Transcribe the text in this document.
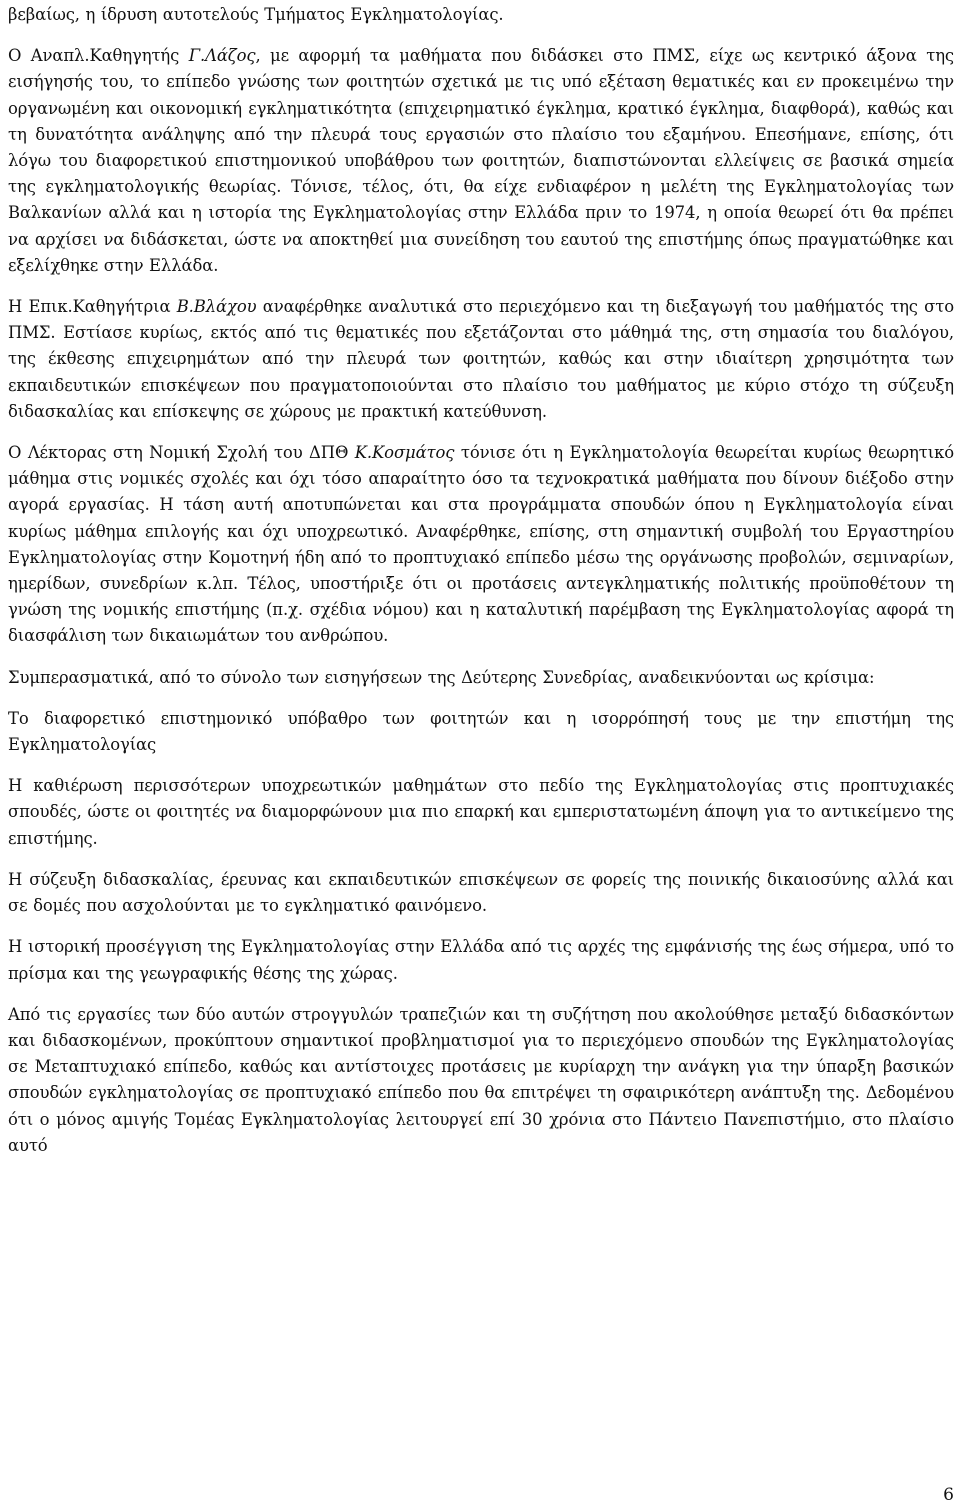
βεβαίως, η ίδρυση αυτοτελούς Τμήματος Εγκληματολογίας.

Ο Αναπλ.Καθηγητής Γ.Λάζος, με αφορμή τα μαθήματα που διδάσκει στο ΠΜΣ, είχε ως κεντρικό άξονα της εισήγησής του, το επίπεδο γνώσης των φοιτητών σχετικά με τις υπό εξέταση θεματικές και εν προκειμένω την οργανωμένη και οικονομική εγκληματικότητα (επιχειρηματικό έγκλημα, κρατικό έγκλημα, διαφθορά), καθώς και τη δυνατότητα ανάληψης από την πλευρά τους εργασιών στο πλαίσιο του εξαμήνου. Επεσήμανε, επίσης, ότι λόγω του διαφορετικού επιστημονικού υποβάθρου των φοιτητών, διαπιστώνονται ελλείψεις σε βασικά σημεία της εγκληματολογικής θεωρίας. Τόνισε, τέλος, ότι, θα είχε ενδιαφέρον η μελέτη της Εγκληματολογίας των Βαλκανίων αλλά και η ιστορία της Εγκληματολογίας στην Ελλάδα πριν το 1974, η οποία θεωρεί ότι θα πρέπει να αρχίσει να διδάσκεται, ώστε να αποκτηθεί μια συνείδηση του εαυτού της επιστήμης όπως πραγματώθηκε και εξελίχθηκε στην Ελλάδα.

Η Επικ.Καθηγήτρια Β.Βλάχου αναφέρθηκε αναλυτικά στο περιεχόμενο και τη διεξαγωγή του μαθήματός της στο ΠΜΣ. Εστίασε κυρίως, εκτός από τις θεματικές που εξετάζονται στο μάθημά της, στη σημασία του διαλόγου, της έκθεσης επιχειρημάτων από την πλευρά των φοιτητών, καθώς και στην ιδιαίτερη χρησιμότητα των εκπαιδευτικών επισκέψεων που πραγματοποιούνται στο πλαίσιο του μαθήματος με κύριο στόχο τη σύζευξη διδασκαλίας και επίσκεψης σε χώρους με πρακτική κατεύθυνση.

Ο Λέκτορας στη Νομική Σχολή του ΔΠΘ Κ.Κοσμάτος τόνισε ότι η Εγκληματολογία θεωρείται κυρίως θεωρητικό μάθημα στις νομικές σχολές και όχι τόσο απαραίτητο όσο τα τεχνοκρατικά μαθήματα που δίνουν διέξοδο στην αγορά εργασίας. Η τάση αυτή αποτυπώνεται και στα προγράμματα σπουδών όπου η Εγκληματολογία είναι κυρίως μάθημα επιλογής και όχι υποχρεωτικό. Αναφέρθηκε, επίσης, στη σημαντική συμβολή του Εργαστηρίου Εγκληματολογίας στην Κομοτηνή ήδη από το προπτυχιακό επίπεδο μέσω της οργάνωσης προβολών, σεμιναρίων, ημερίδων, συνεδρίων κ.λπ. Τέλος, υποστήριξε ότι οι προτάσεις αντεγκληματικής πολιτικής προϋποθέτουν τη γνώση της νομικής επιστήμης (π.χ. σχέδια νόμου) και η καταλυτική παρέμβαση της Εγκληματολογίας αφορά τη διασφάλιση των δικαιωμάτων του ανθρώπου.

Συμπερασματικά, από το σύνολο των εισηγήσεων της Δεύτερης Συνεδρίας, αναδεικνύονται ως κρίσιμα:

Το διαφορετικό επιστημονικό υπόβαθρο των φοιτητών και η ισορρόπησή τους με την επιστήμη της Εγκληματολογίας

Η καθιέρωση περισσότερων υποχρεωτικών μαθημάτων στο πεδίο της Εγκληματολογίας στις προπτυχιακές σπουδές, ώστε οι φοιτητές να διαμορφώνουν μια πιο επαρκή και εμπεριστατωμένη άποψη για το αντικείμενο της επιστήμης.

Η σύζευξη διδασκαλίας, έρευνας και εκπαιδευτικών επισκέψεων σε φορείς της ποινικής δικαιοσύνης αλλά και σε δομές που ασχολούνται με το εγκληματικό φαινόμενο.

Η ιστορική προσέγγιση της Εγκληματολογίας στην Ελλάδα από τις αρχές της εμφάνισής της έως σήμερα, υπό το πρίσμα και της γεωγραφικής θέσης της χώρας.

Από τις εργασίες των δύο αυτών στρογγυλών τραπεζιών και τη συζήτηση που ακολούθησε μεταξύ διδασκόντων και διδασκομένων, προκύπτουν σημαντικοί προβληματισμοί για το περιεχόμενο σπουδών της Εγκληματολογίας σε Μεταπτυχιακό επίπεδο, καθώς και αντίστοιχες προτάσεις με κυρίαρχη την ανάγκη για την ύπαρξη βασικών σπουδών εγκληματολογίας σε προπτυχιακό επίπεδο που θα επιτρέψει τη σφαιρικότερη ανάπτυξη της. Δεδομένου ότι ο μόνος αμιγής Τομέας Εγκληματολογίας λειτουργεί επί 30 χρόνια στο Πάντειο Πανεπιστήμιο, στο πλαίσιο αυτό

6
